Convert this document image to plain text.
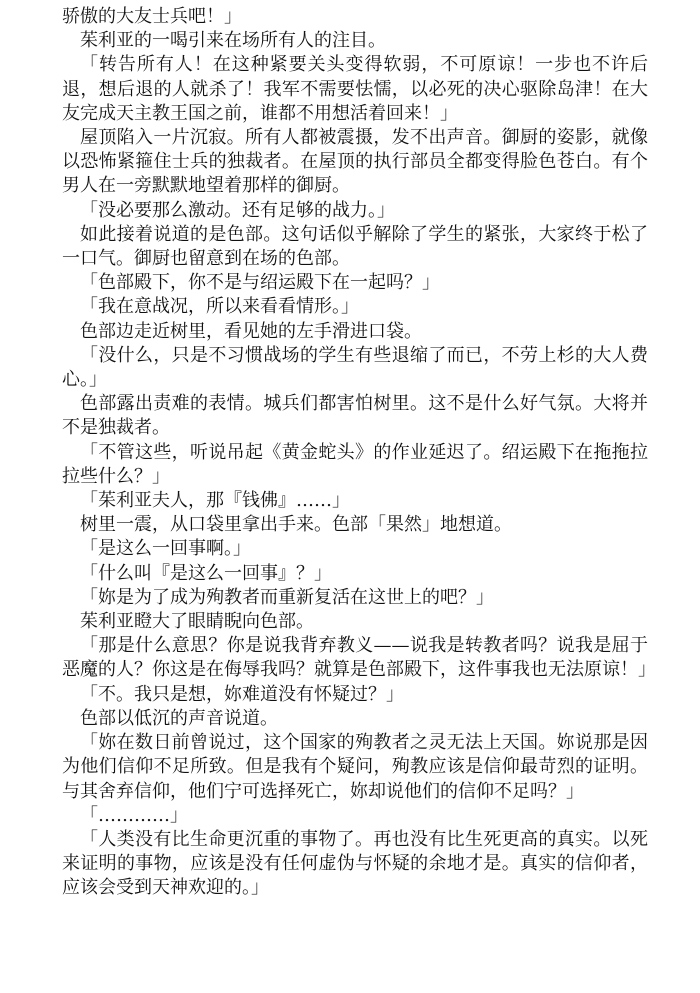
骄傲的大友士兵吧！」

茱利亚的一喝引来在场所有人的注目。

「转告所有人！在这种紧要关头变得软弱，不可原谅！一步也不许后退，想后退的人就杀了！我军不需要怯懦，以必死的决心驱除岛津！在大友完成天主教王国之前，谁都不用想活着回来！」

屋顶陷入一片沉寂。所有人都被震摄，发不出声音。御厨的姿影，就像以恐怖紧箍住士兵的独裁者。在屋顶的执行部员全都变得脸色苍白。有个男人在一旁默默地望着那样的御厨。

「没必要那么激动。还有足够的战力。」

如此接着说道的是色部。这句话似乎解除了学生的紧张，大家终于松了一口气。御厨也留意到在场的色部。

「色部殿下，你不是与绍运殿下在一起吗？」

「我在意战况，所以来看看情形。」

色部边走近树里，看见她的左手滑进口袋。

「没什么，只是不习惯战场的学生有些退缩了而已，不劳上杉的大人费心。」

色部露出责难的表情。城兵们都害怕树里。这不是什么好气氛。大将并不是独裁者。

「不管这些，听说吊起《黄金蛇头》的作业延迟了。绍运殿下在拖拖拉拉些什么？」

「茱利亚夫人，那『钱佛』……」

树里一震，从口袋里拿出手来。色部「果然」地想道。

「是这么一回事啊。」

「什么叫『是这么一回事』？」

「妳是为了成为殉教者而重新复活在这世上的吧？」

茱利亚瞪大了眼睛睨向色部。

「那是什么意思？你是说我背弃教义——说我是转教者吗？说我是屈于恶魔的人？你这是在侮辱我吗？就算是色部殿下，这件事我也无法原谅！」

「不。我只是想，妳难道没有怀疑过？」

色部以低沉的声音说道。

「妳在数日前曾说过，这个国家的殉教者之灵无法上天国。妳说那是因为他们信仰不足所致。但是我有个疑问，殉教应该是信仰最苛烈的证明。与其舍弃信仰，他们宁可选择死亡，妳却说他们的信仰不足吗？」

「…………」

「人类没有比生命更沉重的事物了。再也没有比生死更高的真实。以死来证明的事物，应该是没有任何虚伪与怀疑的余地才是。真实的信仰者，应该会受到天神欢迎的。」
